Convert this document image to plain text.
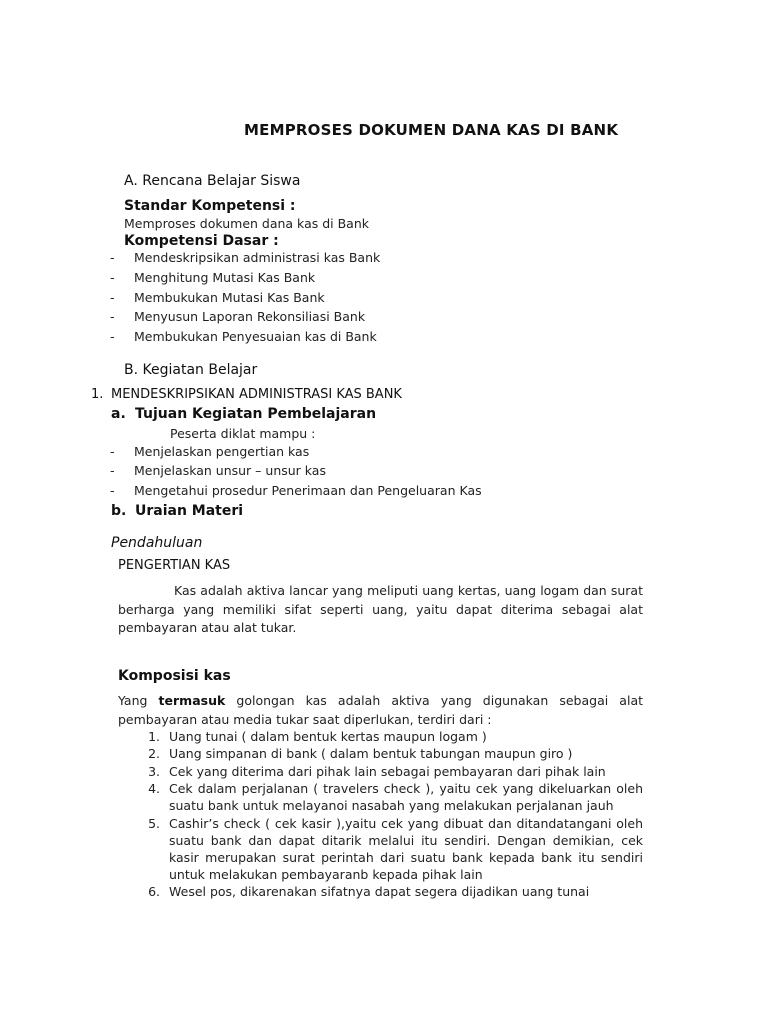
MEMPROSES DOKUMEN DANA KAS DI BANK
A. Rencana Belajar Siswa
Standar Kompetensi :
Memproses dokumen dana kas di Bank
Kompetensi Dasar :
- Mendeskripsikan administrasi kas Bank
- Menghitung Mutasi Kas Bank
- Membukukan Mutasi Kas Bank
- Menyusun Laporan Rekonsiliasi Bank
- Membukukan Penyesuaian kas di Bank
B. Kegiatan Belajar
1. MENDESKRIPSIKAN ADMINISTRASI KAS BANK
a. Tujuan Kegiatan Pembelajaran
Peserta diklat mampu :
- Menjelaskan pengertian kas
- Menjelaskan unsur – unsur kas
- Mengetahui prosedur Penerimaan dan Pengeluaran Kas
b. Uraian Materi
Pendahuluan
PENGERTIAN KAS
Kas adalah aktiva lancar yang meliputi uang kertas, uang logam dan surat berharga yang memiliki sifat seperti uang, yaitu dapat diterima sebagai alat pembayaran atau alat tukar.
Komposisi kas
Yang termasuk golongan kas adalah aktiva yang digunakan sebagai alat pembayaran atau media tukar saat diperlukan, terdiri dari :
1. Uang tunai ( dalam bentuk kertas maupun logam )
2. Uang simpanan di bank ( dalam bentuk tabungan maupun giro )
3. Cek yang diterima dari pihak lain sebagai pembayaran dari pihak lain
4. Cek dalam perjalanan ( travelers check ), yaitu cek yang dikeluarkan oleh suatu bank untuk melayanoi nasabah yang melakukan perjalanan jauh
5. Cashir’s check ( cek kasir ),yaitu cek yang dibuat dan ditandatangani oleh suatu bank dan dapat ditarik melalui itu sendiri. Dengan demikian, cek kasir merupakan surat perintah dari suatu bank kepada bank itu sendiri untuk melakukan pembayaranb kepada pihak lain
6. Wesel pos, dikarenakan sifatnya dapat segera dijadikan uang tunai
